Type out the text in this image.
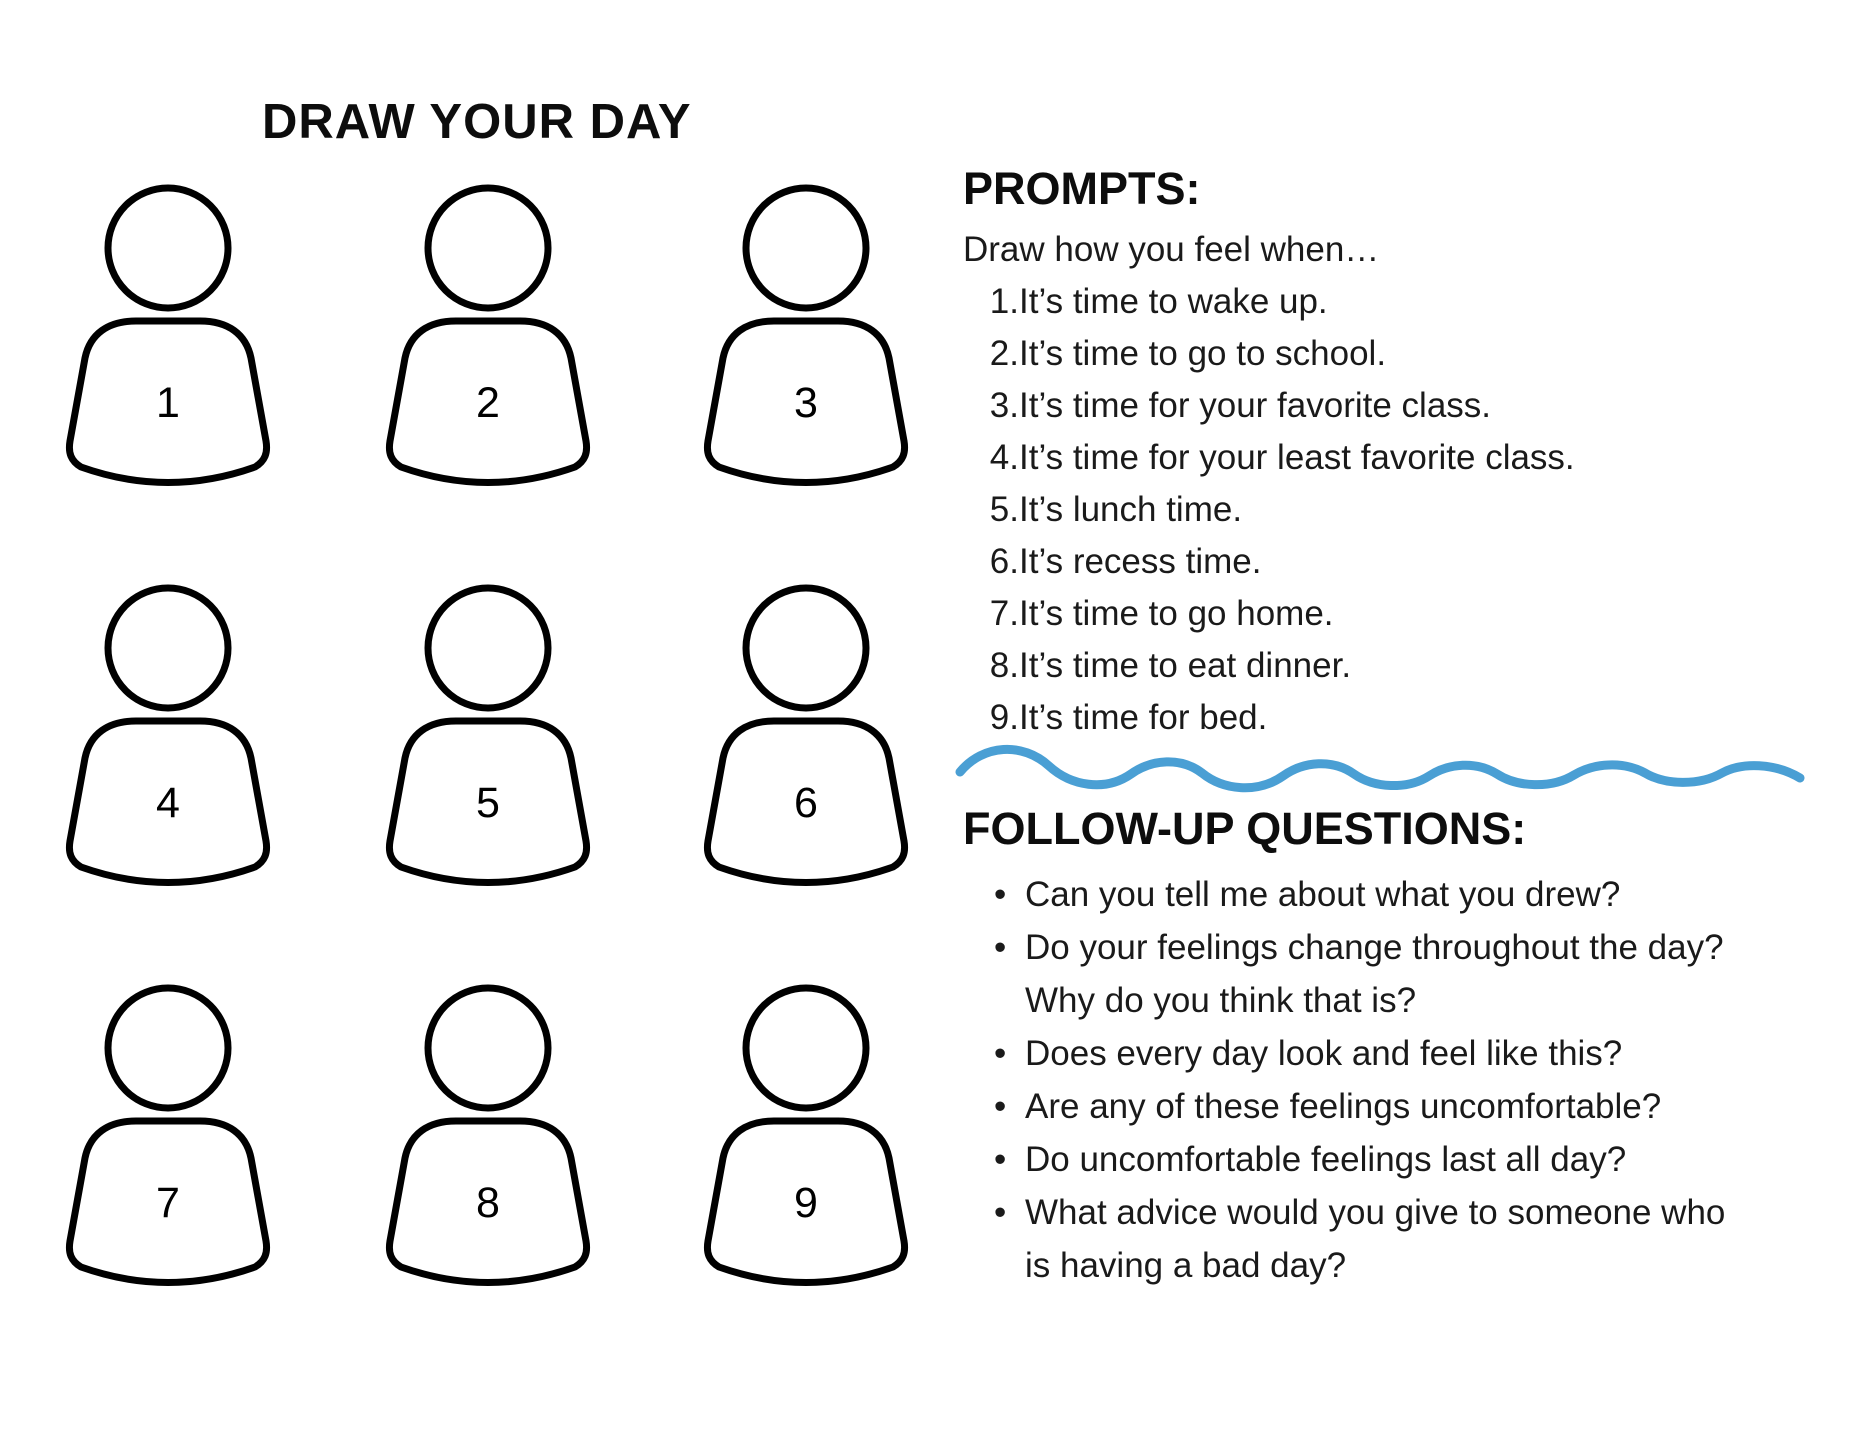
DRAW YOUR DAY
1	2	3
4	5	6
7	8	9
PROMPTS:
Draw how you feel when…
1. It’s time to wake up.
2. It’s time to go to school.
3. It’s time for your favorite class.
4. It’s time for your least favorite class.
5. It’s lunch time.
6. It’s recess time.
7. It’s time to go home.
8. It’s time to eat dinner.
9. It’s time for bed.
FOLLOW-UP QUESTIONS:
• Can you tell me about what you drew?
• Do your feelings change throughout the day?
Why do you think that is?
• Does every day look and feel like this?
• Are any of these feelings uncomfortable?
• Do uncomfortable feelings last all day?
• What advice would you give to someone who
is having a bad day?
